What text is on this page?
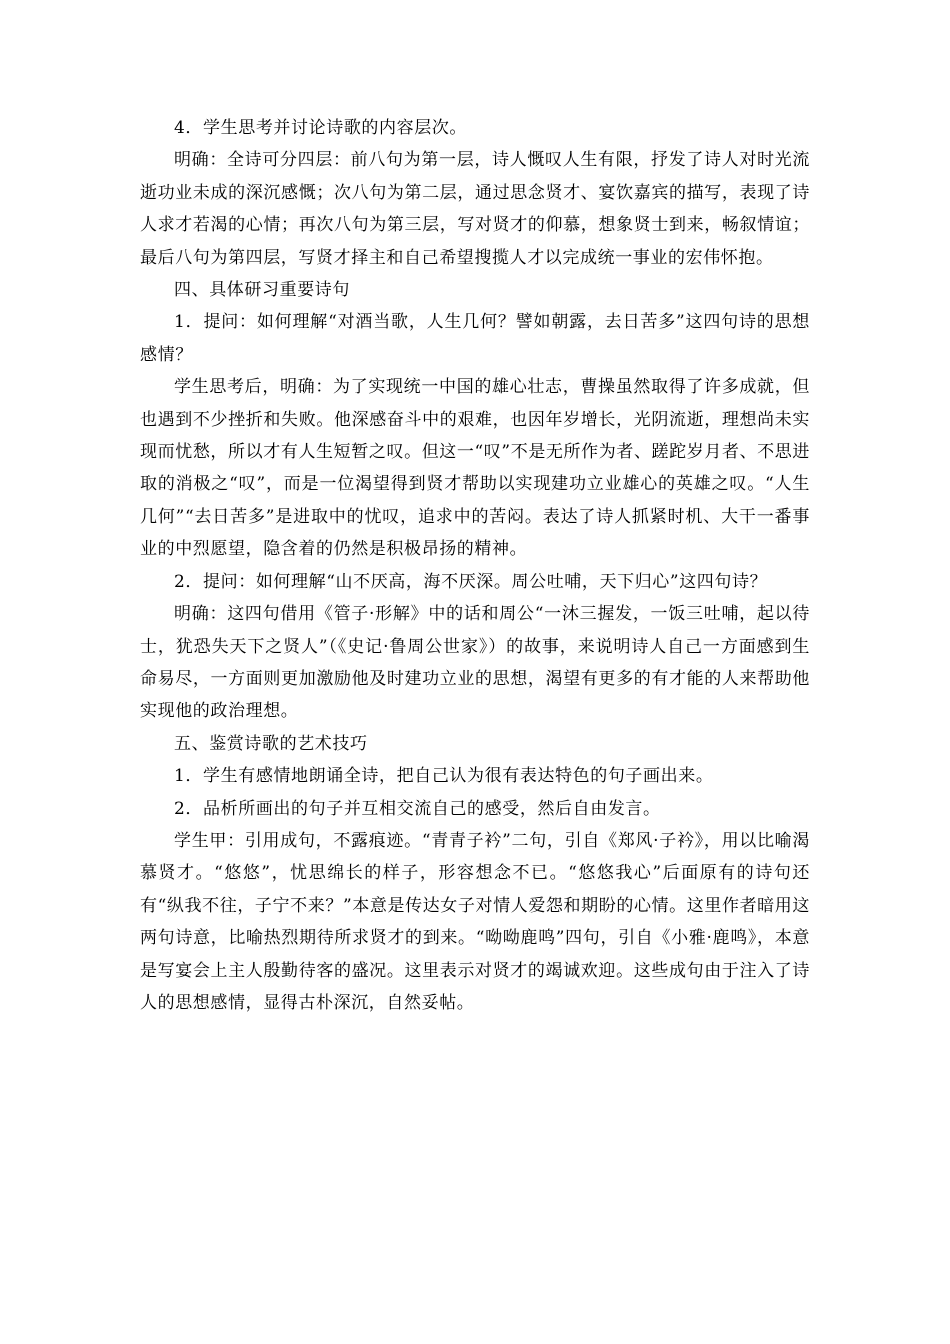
4．学生思考并讨论诗歌的内容层次。

明确：全诗可分四层：前八句为第一层，诗人慨叹人生有限，抒发了诗人对时光流逝功业未成的深沉感慨；次八句为第二层，通过思念贤才、宴饮嘉宾的描写，表现了诗人求才若渴的心情；再次八句为第三层，写对贤才的仰慕，想象贤士到来，畅叙情谊；最后八句为第四层，写贤才择主和自己希望搜揽人才以完成统一事业的宏伟怀抱。

四、具体研习重要诗句

1．提问：如何理解“对酒当歌，人生几何？譬如朝露，去日苦多”这四句诗的思想感情？

学生思考后，明确：为了实现统一中国的雄心壮志，曹操虽然取得了许多成就，但也遇到不少挫折和失败。他深感奋斗中的艰难，也因年岁增长，光阴流逝，理想尚未实现而忧愁，所以才有人生短暂之叹。但这一“叹”不是无所作为者、蹉跎岁月者、不思进取的消极之“叹”，而是一位渴望得到贤才帮助以实现建功立业雄心的英雄之叹。“人生几何”“去日苦多”是进取中的忧叹，追求中的苦闷。表达了诗人抓紧时机、大干一番事业的中烈愿望，隐含着的仍然是积极昂扬的精神。

2．提问：如何理解“山不厌高，海不厌深。周公吐哺，天下归心”这四句诗？

明确：这四句借用《管子·形解》中的话和周公“一沐三握发，一饭三吐哺，起以待士，犹恐失天下之贤人”（《史记·鲁周公世家》）的故事，来说明诗人自己一方面感到生命易尽，一方面则更加激励他及时建功立业的思想，渴望有更多的有才能的人来帮助他实现他的政治理想。

五、鉴赏诗歌的艺术技巧

1．学生有感情地朗诵全诗，把自己认为很有表达特色的句子画出来。

2．品析所画出的句子并互相交流自己的感受，然后自由发言。

学生甲：引用成句，不露痕迹。“青青子衿”二句，引自《郑风·子衿》，用以比喻渴慕贤才。“悠悠”，忧思绵长的样子，形容想念不已。“悠悠我心”后面原有的诗句还有“纵我不往，子宁不来？”本意是传达女子对情人爱怨和期盼的心情。这里作者暗用这两句诗意，比喻热烈期待所求贤才的到来。“呦呦鹿鸣”四句，引自《小雅·鹿鸣》，本意是写宴会上主人殷勤待客的盛况。这里表示对贤才的竭诚欢迎。这些成句由于注入了诗人的思想感情，显得古朴深沉，自然妥帖。
